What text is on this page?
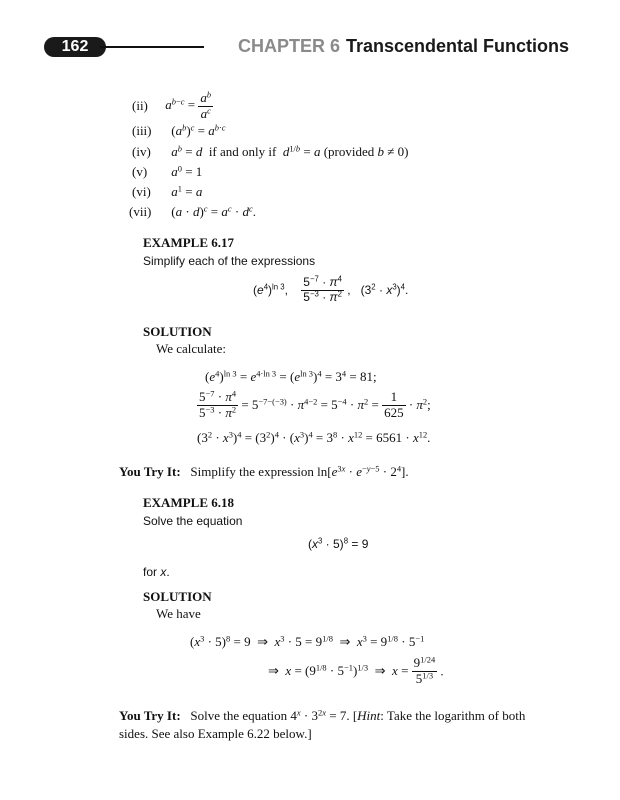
162	CHAPTER 6 Transcendental Functions
(ii) $a^{b-c} = \frac{a^b}{a^c}$
(iii) $(a^b)^c = a^{b\cdot c}$
(iv) $a^b = d$ if and only if $d^{1/b} = a$ (provided b ≠ 0)
(v) $a^0 = 1$
(vi) $a^1 = a$
(vii) $(a \cdot d)^c = a^c \cdot d^c$.
EXAMPLE 6.17
Simplify each of the expressions
$(e^4)^{ln 3}$, $\frac{5^{-7} \cdot \pi^4}{5^{-3} \cdot \pi^2}$ ,   $(3^2 \cdot x^3)^4$.
SOLUTION
We calculate:
$(e^4)^{ln 3} = e^{4\cdot ln 3} = (e^{ln 3})^4 = 3^4 = 81$;
$\frac{5^{-7} \cdot \pi^4}{5^{-3} \cdot \pi^2} = 5^{-7-(-3)} \cdot \pi^{4-2} = 5^{-4} \cdot \pi^2 = \frac{1}{625} \cdot \pi^2$;
$(3^2 \cdot x^3)^4 = (3^2)^4 \cdot (x^3)^4 = 3^8 \cdot x^{12} = 6561 \cdot x^{12}$.
You Try It: Simplify the expression $\ln[e^{3x} \cdot e^{-y-5} \cdot 2^4]$.
EXAMPLE 6.18
Solve the equation
$(x^3 \cdot 5)^8 = 9$
for x.
SOLUTION
We have
$(x^3 \cdot 5)^8 = 9$  ⇒  $x^3 \cdot 5 = 9^{1/8}$  ⇒  $x^3 = 9^{1/8} \cdot 5^{-1}$
⇒  $x = (9^{1/8} \cdot 5^{-1})^{1/3}$  ⇒  $x = \frac{9^{1/24}}{5^{1/3}}$ .
You Try It: Solve the equation $4^x \cdot 3^{2x} = 7$. [Hint: Take the logarithm of both
sides. See also Example 6.22 below.]
